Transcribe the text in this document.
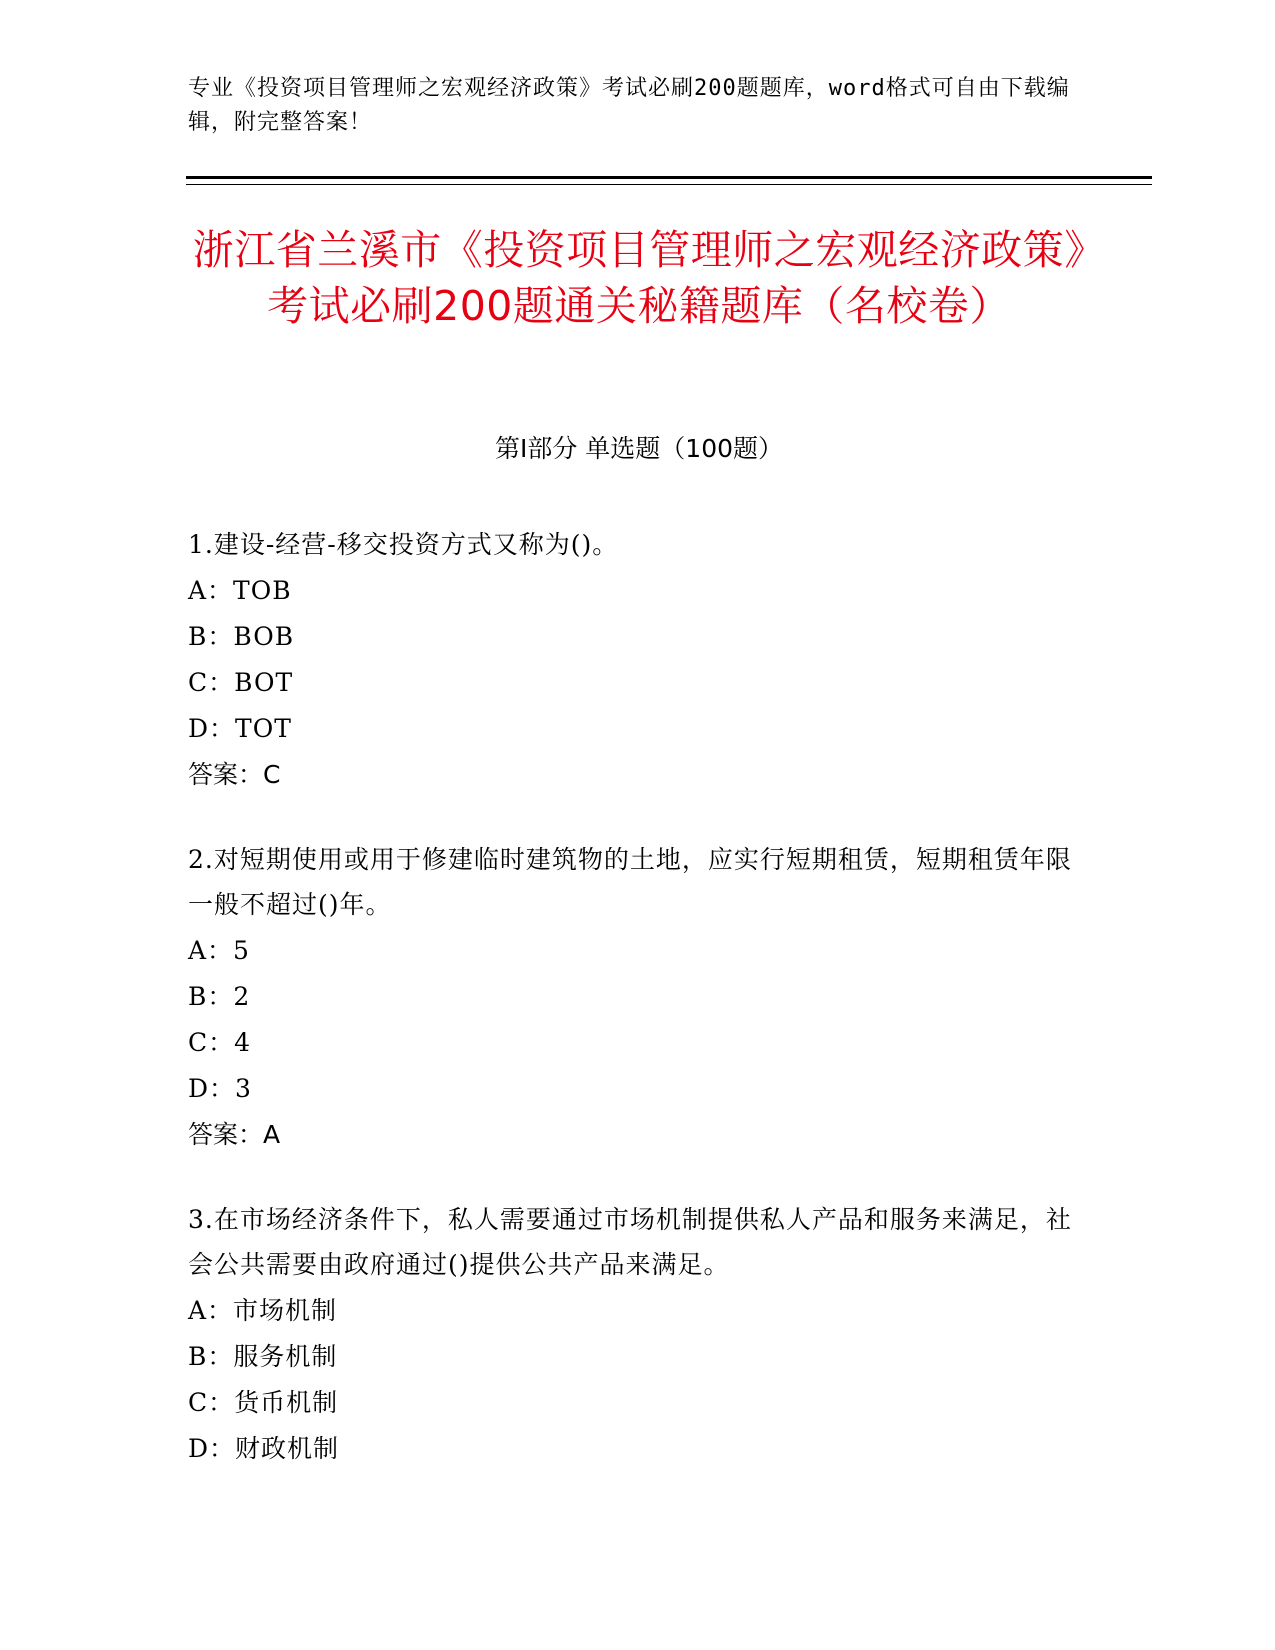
专业《投资项目管理师之宏观经济政策》考试必刷200题题库，word格式可自由下载编辑，附完整答案！
浙江省兰溪市《投资项目管理师之宏观经济政策》考试必刷200题通关秘籍题库（名校卷）
第I部分 单选题（100题）
1.建设-经营-移交投资方式又称为()。
A：TOB
B：BOB
C：BOT
D：TOT
答案：C
2.对短期使用或用于修建临时建筑物的土地，应实行短期租赁，短期租赁年限一般不超过()年。
A：5
B：2
C：4
D：3
答案：A
3.在市场经济条件下，私人需要通过市场机制提供私人产品和服务来满足，社会公共需要由政府通过()提供公共产品来满足。
A：市场机制
B：服务机制
C：货币机制
D：财政机制
